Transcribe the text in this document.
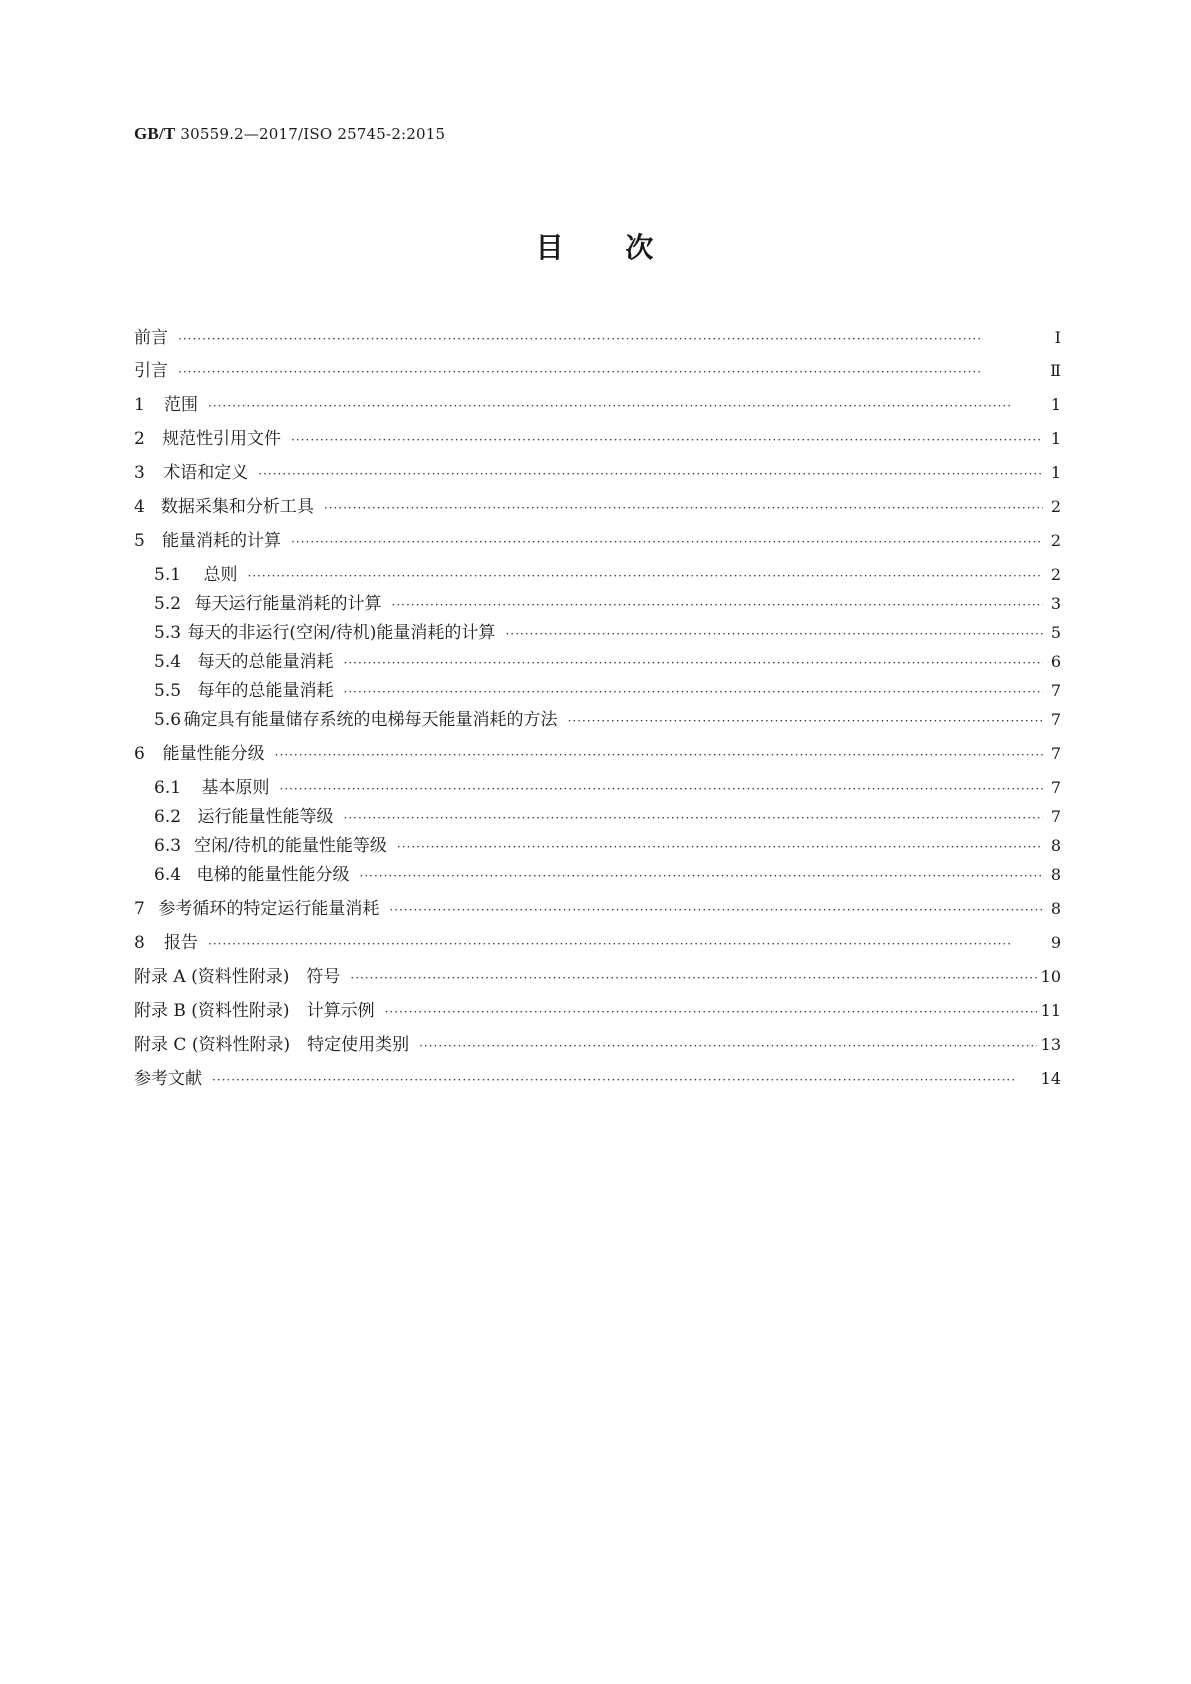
GB/T 30559.2—2017/ISO 25745-2:2015
目 次
前言 ·····	Ⅰ
引言 ·····	Ⅱ
1	范围 ·····	1
2	规范性引用文件 ·····	1
3	术语和定义 ·····	1
4 数据采集和分析工具 ·····	2
5	能量消耗的计算 ·····	2
5.1	总则 ·····	2
5.2 每天运行能量消耗的计算 ·····	3
5.3 每天的非运行(空闲/待机)能量消耗的计算 ·····	5
5.4 每天的总能量消耗 ·····	6
5.5 每年的总能量消耗 ·····	7
5.6 确定具有能量储存系统的电梯每天能量消耗的方法 ·····	7
6	能量性能分级 ·····	7
6.1	基本原则 ·····	7
6.2 运行能量性能等级 ·····	7
6.3 空闲/待机的能量性能等级 ·····	8
6.4 电梯的能量性能分级 ·····	8
7 参考循环的特定运行能量消耗 ·····	8
8	报告 ·····	9
附录 A (资料性附录)　符号 ·····	10
附录 B (资料性附录)　计算示例 ·····	11
附录 C (资料性附录)　特定使用类别 ·····	13
参考文献 ·····	14
